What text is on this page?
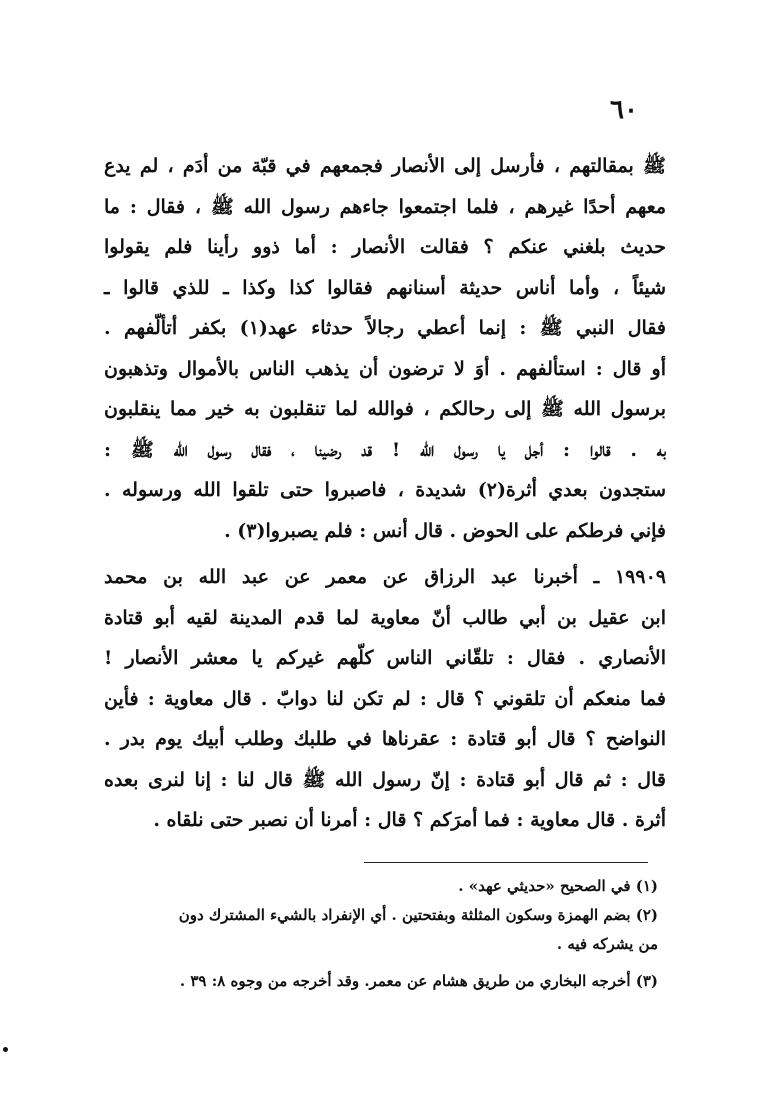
٦٠
ﷺ بمقالتهم ، فأرسل إلى الأنصار فجمعهم في قبّة من أدَم ، لم يدع
معهم أحدًا غيرهم ، فلما اجتمعوا جاءهم رسول الله ﷺ ، فقال : ما
حديث بلغني عنكم ؟ فقالت الأنصار : أما ذوو رأينا فلم يقولوا
شيئاً ، وأما أناس حديثة أسنانهم فقالوا كذا وكذا ـ للذي قالوا ـ
فقال النبي ﷺ : إنما أعطي رجالاً حدثاء عهد(١) بكفر أتألّفهم .
أو قال : استألفهم . أوَ لا ترضون أن يذهب الناس بالأموال وتذهبون
برسول الله ﷺ إلى رحالكم ، فوالله لما تنقلبون به خير مما ينقلبون
به . قالوا : أجل يا رسول الله ! قد رضينا ، فقال رسول الله ﷺ :
ستجدون بعدي أثرة(٢) شديدة ، فاصبروا حتى تلقوا الله ورسوله .
فإني فرطكم على الحوض . قال أنس : فلم يصبروا(٣) .
١٩٩٠٩ ـ أخبرنا عبد الرزاق عن معمر عن عبد الله بن محمد
ابن عقيل بن أبي طالب أنّ معاوية لما قدم المدينة لقيه أبو قتادة
الأنصاري . فقال : تلقّاني الناس كلّهم غيركم يا معشر الأنصار !
فما منعكم أن تلقوني ؟ قال : لم تكن لنا دوابّ . قال معاوية : فأين
النواضح ؟ قال أبو قتادة : عقرناها في طلبك وطلب أبيك يوم بدر .
قال : ثم قال أبو قتادة : إنّ رسول الله ﷺ قال لنا : إنا لنرى بعده
أثرة . قال معاوية : فما أمرَكم ؟ قال : أمرنا أن نصبر حتى نلقاه .
(١) في الصحيح «حديثي عهد» .
(٢) بضم الهمزة وسكون المثلثة وبفتحتين . أي الإنفراد بالشيء المشترك دون
من يشركه فيه .
(٣) أخرجه البخاري من طريق هشام عن معمر. وقد أخرجه من وجوه ٨: ٣٩ .
